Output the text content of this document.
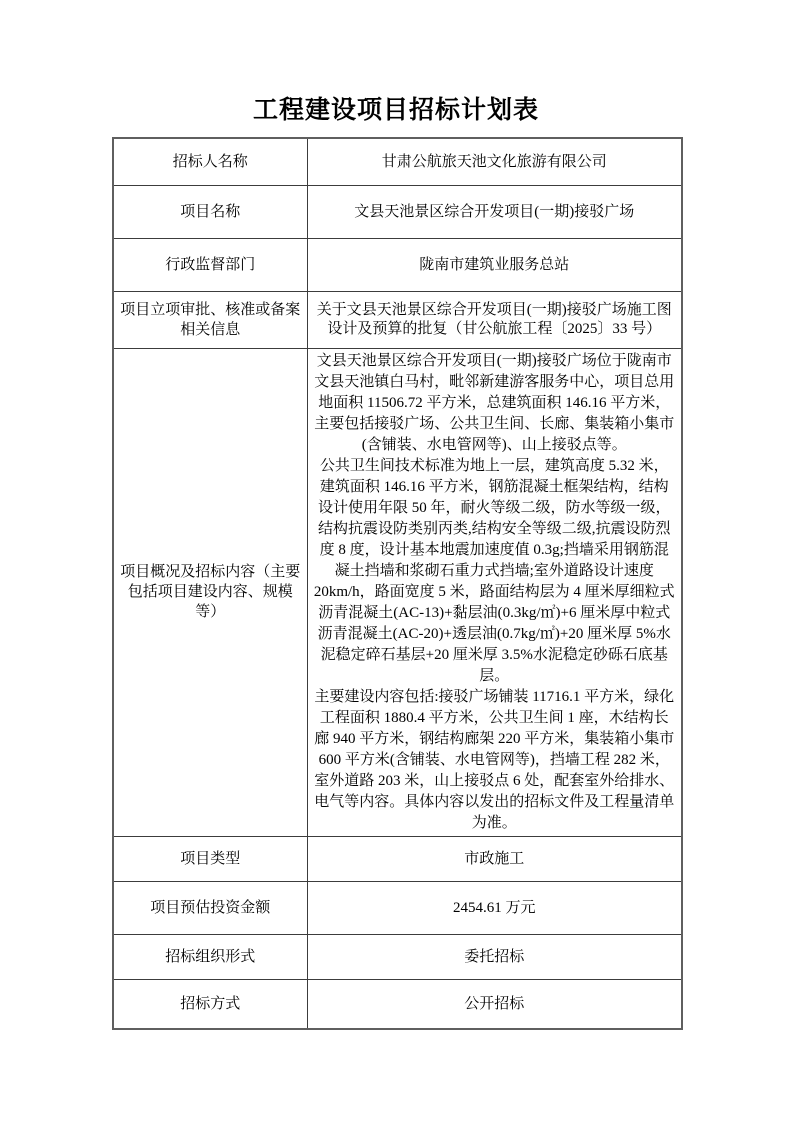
工程建设项目招标计划表
招标人名称	甘肃公航旅天池文化旅游有限公司
项目名称	文县天池景区综合开发项目(一期)接驳广场
行政监督部门	陇南市建筑业服务总站
项目立项审批、核准或备案相关信息	关于文县天池景区综合开发项目(一期)接驳广场施工图设计及预算的批复（甘公航旅工程〔2025〕33 号）
项目概况及招标内容（主要包括项目建设内容、规模等）	文县天池景区综合开发项目(一期)接驳广场位于陇南市文县天池镇白马村，毗邻新建游客服务中心，项目总用地面积 11506.72 平方米，总建筑面积 146.16 平方米，主要包括接驳广场、公共卫生间、长廊、集装箱小集市(含铺装、水电管网等)、山上接驳点等。

公共卫生间技术标准为地上一层，建筑高度 5.32 米，建筑面积 146.16 平方米，钢筋混凝土框架结构，结构设计使用年限 50 年，耐火等级二级，防水等级一级，结构抗震设防类别丙类,结构安全等级二级,抗震设防烈度 8 度，设计基本地震加速度值 0.3g;挡墙采用钢筋混凝土挡墙和浆砌石重力式挡墙;室外道路设计速度 20km/h，路面宽度 5 米，路面结构层为 4 厘米厚细粒式沥青混凝土(AC-13)+黏层油(0.3kg/㎡)+6 厘米厚中粒式沥青混凝土(AC-20)+透层油(0.7kg/㎡)+20 厘米厚 5%水泥稳定碎石基层+20 厘米厚 3.5%水泥稳定砂砾石底基层。

主要建设内容包括:接驳广场铺装 11716.1 平方米，绿化工程面积 1880.4 平方米，公共卫生间 1 座，木结构长廊 940 平方米，钢结构廊架 220 平方米，集装箱小集市 600 平方米(含铺装、水电管网等)，挡墙工程 282 米，室外道路 203 米，山上接驳点 6 处，配套室外给排水、电气等内容。具体内容以发出的招标文件及工程量清单为准。

项目类型	市政施工
项目预估投资金额	2454.61 万元
招标组织形式	委托招标
招标方式	公开招标
